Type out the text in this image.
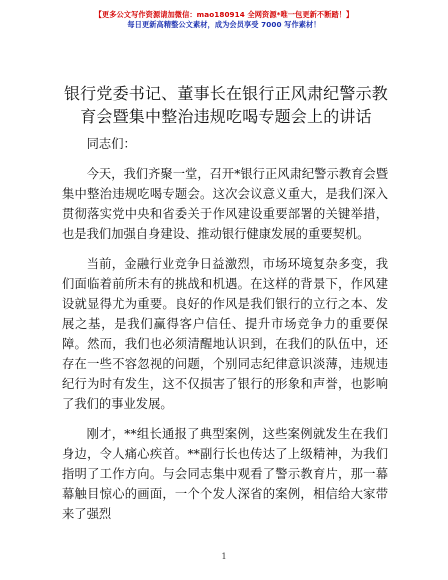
【更多公文写作资源请加微信：mao180914 全网资源*唯一包更新不断踏！】
每日更新高精整公文素材，成为会员享受 7000 写作素材！
银行党委书记、董事长在银行正风肃纪警示教育会暨集中整治违规吃喝专题会上的讲话

同志们：

今天，我们齐聚一堂，召开*银行正风肃纪警示教育会暨集中整治违规吃喝专题会。这次会议意义重大，是我们深入贯彻落实党中央和省委关于作风建设重要部署的关键举措，也是我们加强自身建设、推动银行健康发展的重要契机。

当前，金融行业竞争日益激烈，市场环境复杂多变，我们面临着前所未有的挑战和机遇。在这样的背景下，作风建设就显得尤为重要。良好的作风是我们银行的立行之本、发展之基，是我们赢得客户信任、提升市场竞争力的重要保障。然而，我们也必须清醒地认识到，在我们的队伍中，还存在一些不容忽视的问题，个别同志纪律意识淡薄，违规违纪行为时有发生，这不仅损害了银行的形象和声誉，也影响了我们的事业发展。

刚才，**组长通报了典型案例，这些案例就发生在我们身边，令人痛心疾首。**副行长也传达了上级精神，为我们指明了工作方向。与会同志集中观看了警示教育片，那一幕幕触目惊心的画面，一个个发人深省的案例，相信给大家带来了强烈

1
